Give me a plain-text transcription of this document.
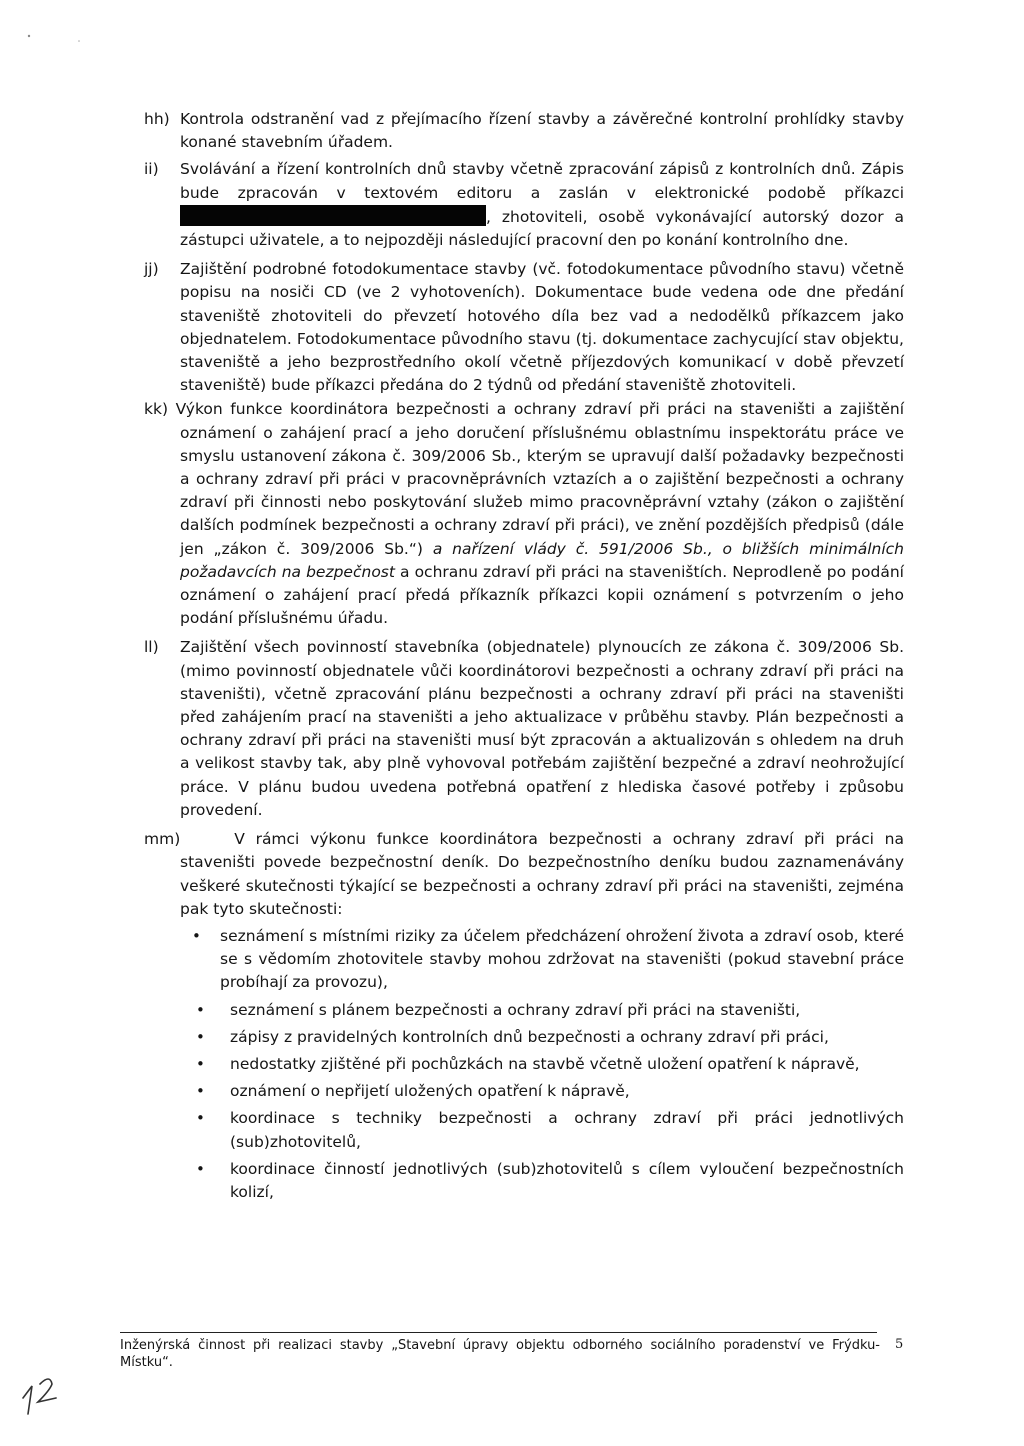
hh) Kontrola odstranění vad z přejímacího řízení stavby a závěrečné kontrolní prohlídky stavby konané stavebním úřadem.
ii)	Svolávání a řízení kontrolních dnů stavby včetně zpracování zápisů z kontrolních dnů. Zápis bude zpracován v textovém editoru a zaslán v elektronické podobě příkazci , zhotoviteli, osobě vykonávající autorský dozor a zástupci uživatele, a to nejpozději následující pracovní den po konání kontrolního dne.
jj)	Zajištění podrobné fotodokumentace stavby (vč. fotodokumentace původního stavu) včetně popisu na nosiči CD (ve 2 vyhotoveních). Dokumentace bude vedena ode dne předání staveniště zhotoviteli do převzetí hotového díla bez vad a nedodělků příkazcem jako objednatelem. Fotodokumentace původního stavu (tj. dokumentace zachycující stav objektu, staveniště a jeho bezprostředního okolí včetně příjezdových komunikací v době převzetí staveniště) bude příkazci předána do 2 týdnů od předání staveniště zhotoviteli.
kk) Výkon funkce koordinátora bezpečnosti a ochrany zdraví při práci na staveništi a zajištění oznámení o zahájení prací a jeho doručení příslušnému oblastnímu inspektorátu práce ve smyslu ustanovení zákona č. 309/2006 Sb., kterým se upravují další požadavky bezpečnosti a ochrany zdraví při práci v pracovněprávních vztazích a o zajištění bezpečnosti a ochrany zdraví při činnosti nebo poskytování služeb mimo pracovněprávní vztahy (zákon o zajištění dalších podmínek bezpečnosti a ochrany zdraví při práci), ve znění pozdějších předpisů (dále jen „zákon č. 309/2006 Sb.“) a nařízení vlády č. 591/2006 Sb., o bližších minimálních požadavcích na bezpečnost a ochranu zdraví při práci na staveništích. Neprodleně po podání oznámení o zahájení prací předá příkazník příkazci kopii oznámení s potvrzením o jeho podání příslušnému úřadu.
ll)	Zajištění všech povinností stavebníka (objednatele) plynoucích ze zákona č. 309/2006 Sb. (mimo povinností objednatele vůči koordinátorovi bezpečnosti a ochrany zdraví při práci na staveništi), včetně zpracování plánu bezpečnosti a ochrany zdraví při práci na staveništi před zahájením prací na staveništi a jeho aktualizace v průběhu stavby. Plán bezpečnosti a ochrany zdraví při práci na staveništi musí být zpracován a aktualizován s ohledem na druh a velikost stavby tak, aby plně vyhovoval potřebám zajištění bezpečné a zdraví neohrožující práce. V plánu budou uvedena potřebná opatření z hlediska časové potřeby i způsobu provedení.
mm)	V rámci výkonu funkce koordinátora bezpečnosti a ochrany zdraví při práci na staveništi povede bezpečnostní deník. Do bezpečnostního deníku budou zaznamenávány veškeré skutečnosti týkající se bezpečnosti a ochrany zdraví při práci na staveništi, zejména pak tyto skutečnosti:
•	seznámení s místními riziky za účelem předcházení ohrožení života a zdraví osob, které se s vědomím zhotovitele stavby mohou zdržovat na staveništi (pokud stavební práce probíhají za provozu),
•	seznámení s plánem bezpečnosti a ochrany zdraví při práci na staveništi,
•	zápisy z pravidelných kontrolních dnů bezpečnosti a ochrany zdraví při práci,
•	nedostatky zjištěné při pochůzkách na stavbě včetně uložení opatření k nápravě,
•	oznámení o nepřijetí uložených opatření k nápravě,
•	koordinace s techniky bezpečnosti a ochrany zdraví při práci jednotlivých (sub)zhotovitelů,
•	koordinace činností jednotlivých (sub)zhotovitelů s cílem vyloučení bezpečnostních kolizí,
Inženýrská činnost při realizaci stavby „Stavební úpravy objektu odborného sociálního poradenství ve Frýdku-Místku“.
5
